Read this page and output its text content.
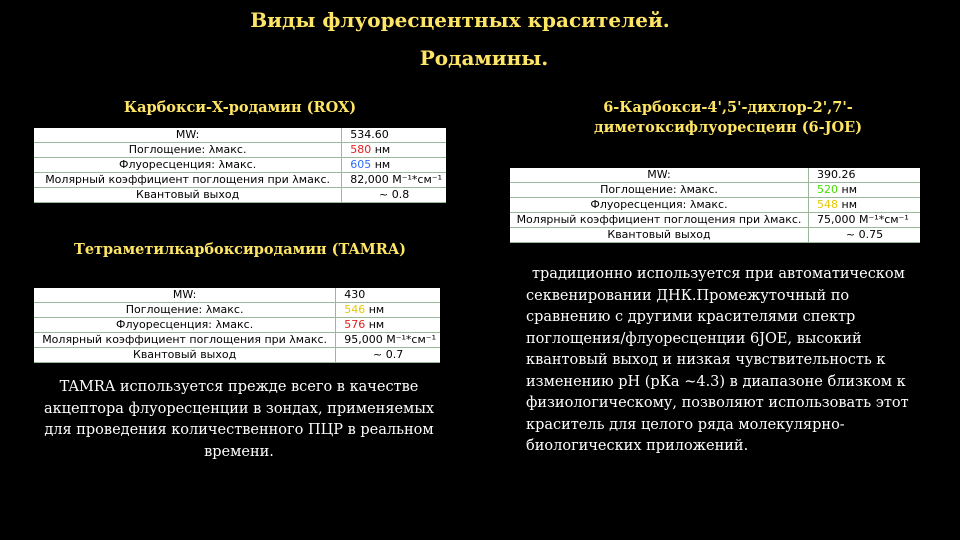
Виды флуоресцентных красителей.
Родамины.
Карбокси-X-родамин (ROX)
MW:	534.60
Поглощение: λмакс.	580 нм
Флуоресценция: λмакс.	605 нм
Молярный коэффициент поглощения при λмакс.	82,000 М⁻¹*см⁻¹
Квантовый выход	~ 0.8
Тетраметилкарбоксиродамин (TAMRA)
MW:	430
Поглощение: λмакс.	546 нм
Флуоресценция: λмакс.	576 нм
Молярный коэффициент поглощения при λмакс.	95,000 М⁻¹*см⁻¹
Квантовый выход	~ 0.7
TAMRA используется прежде всего в качестве акцептора флуоресценции в зондах, применяемых для проведения количественного ПЦР в реальном времени.
6-Карбокси-4',5'-дихлор-2',7'-диметоксифлуоресцеин (6-JOE)
MW:	390.26
Поглощение: λмакс.	520 нм
Флуоресценция: λмакс.	548 нм
Молярный коэффициент поглощения при λмакс.	75,000 М⁻¹*см⁻¹
Квантовый выход	~ 0.75
традиционно используется при автоматическом секвенировании ДНК.Промежуточный по сравнению с другими красителями спектр поглощения/флуоресценции 6JOE, высокий квантовый выход и низкая чувствительность к изменению рН (рКа ~4.3) в диапазоне близком к физиологическому, позволяют использовать этот краситель для целого ряда молекулярно-биологических приложений.
